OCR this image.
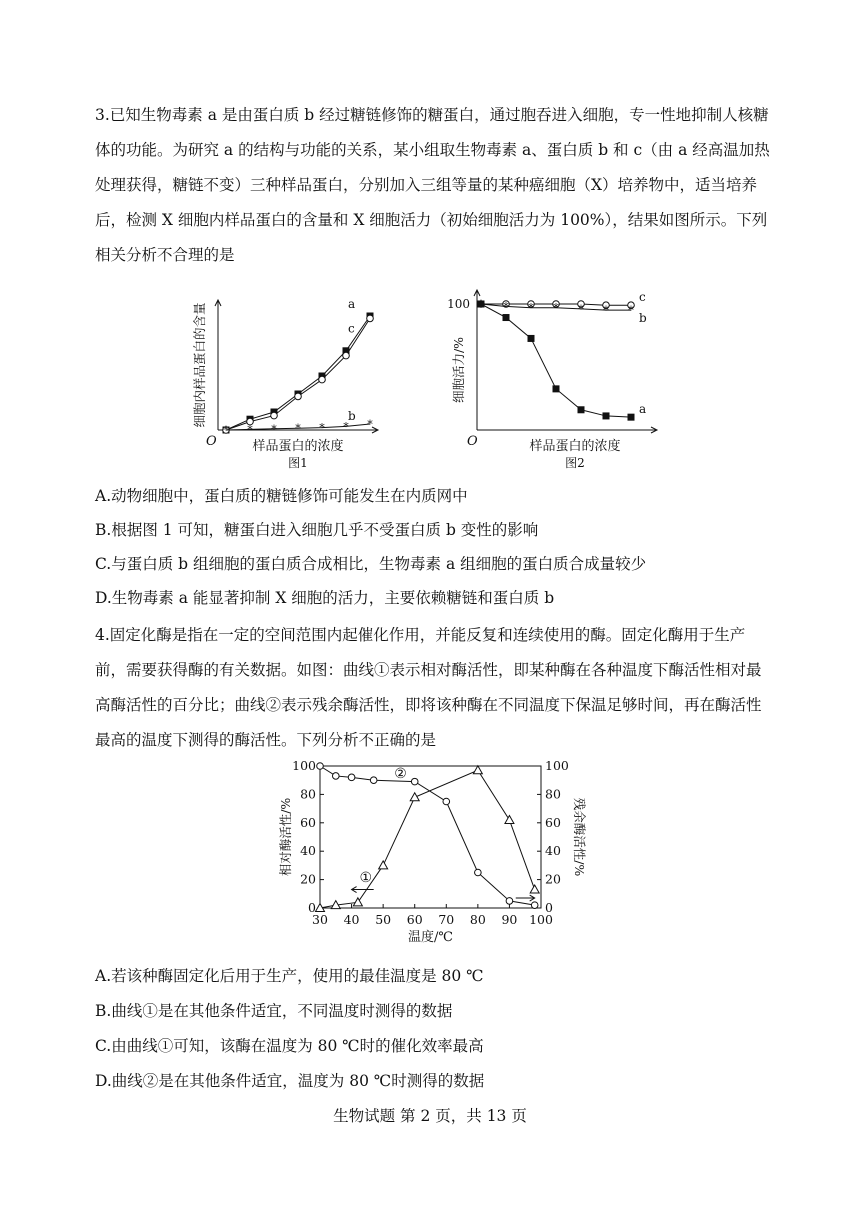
3.已知生物毒素 a 是由蛋白质 b 经过糖链修饰的糖蛋白，通过胞吞进入细胞，专一性地抑制人核糖体的功能。为研究 a 的结构与功能的关系，某小组取生物毒素 a、蛋白质 b 和 c（由 a 经高温加热处理获得，糖链不变）三种样品蛋白，分别加入三组等量的某种癌细胞（X）培养物中，适当培养后，检测 X 细胞内样品蛋白的含量和 X 细胞活力（初始细胞活力为 100%），结果如图所示。下列相关分析不合理的是

O	样品蛋白的浓度
图1
细胞内样品蛋白的含量	a
c
* * * * * * *
b
100
O	样品蛋白的浓度
图2
细胞活力/%
c
* * * * * *
b
a
A.动物细胞中，蛋白质的糖链修饰可能发生在内质网中
B.根据图 1 可知，糖蛋白进入细胞几乎不受蛋白质 b 变性的影响
C.与蛋白质 b 组细胞的蛋白质合成相比，生物毒素 a 组细胞的蛋白质合成量较少
D.生物毒素 a 能显著抑制 X 细胞的活力，主要依赖糖链和蛋白质 b

4.固定化酶是指在一定的空间范围内起催化作用，并能反复和连续使用的酶。固定化酶用于生产前，需要获得酶的有关数据。如图：曲线①表示相对酶活性，即某种酶在各种温度下酶活性相对最高酶活性的百分比；曲线②表示残余酶活性，即将该种酶在不同温度下保温足够时间，再在酶活性最高的温度下测得的酶活性。下列分析不正确的是

30 40 50 60 70 80 90 100
0	0
20	20
40	40
60	60
80	80
100	100
温度/℃
相对酶活性/%	残余酶活性/%
①
②
A.若该种酶固定化后用于生产，使用的最佳温度是 80 ℃
B.曲线①是在其他条件适宜，不同温度时测得的数据
C.由曲线①可知，该酶在温度为 80 ℃时的催化效率最高
D.曲线②是在其他条件适宜，温度为 80 ℃时测得的数据
生物试题 第 2 页，共 13 页
